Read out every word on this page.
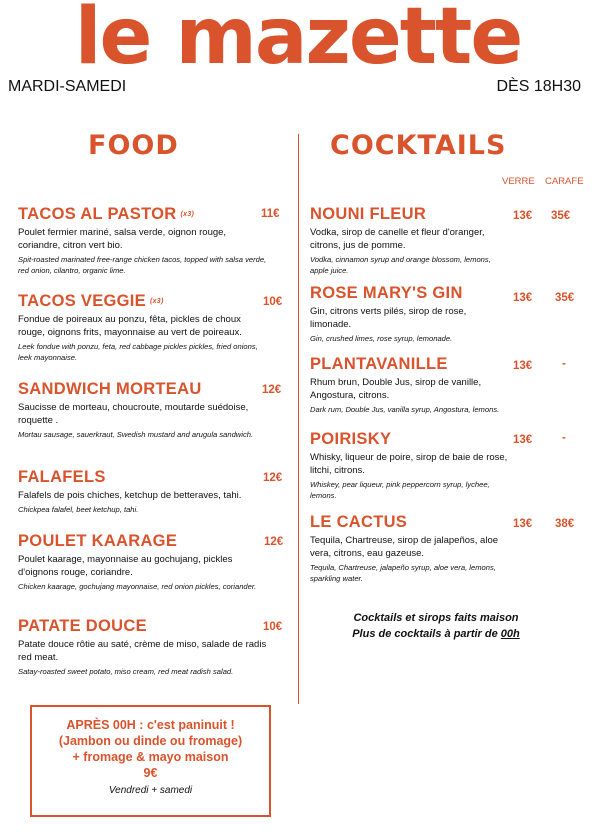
le mazette
MARDI-SAMEDI	DÈS 18H30
FOOD	COCKTAILS
VERRE CARAFE
TACOS AL PASTOR (x3)
Poulet fermier mariné, salsa verde, oignon rouge, coriandre, citron vert bio.
Spit-roasted marinated free-range chicken tacos, topped with salsa verde, red onion, cilantro, organic lime.
11€
TACOS VEGGIE (x3)
Fondue de poireaux au ponzu, fêta, pickles de choux rouge, oignons frits, mayonnaise au vert de poireaux.
Leek fondue with ponzu, feta, red cabbage pickles pickles, fried onions, leek mayonnaise.
10€
SANDWICH MORTEAU
Saucisse de morteau, choucroute, moutarde suédoise, roquette .
Mortau sausage, sauerkraut, Swedish mustard and arugula sandwich.
12€
FALAFELS
Falafels de pois chiches, ketchup de betteraves, tahi.
Chickpea falafel, beet ketchup, tahi.
12€
POULET KAARAGE
Poulet kaarage, mayonnaise au gochujang, pickles d'oignons rouge, coriandre.
Chicken kaarage, gochujang mayonnaise, red onion pickles, coriander.
12€
PATATE DOUCE
Patate douce rôtie au saté, crème de miso, salade de radis red meat.
Satay-roasted sweet potato, miso cream, red meat radish salad.
10€
NOUNI FLEUR
Vodka, sirop de canelle et fleur d'oranger, citrons, jus de pomme.
Vodka, cinnamon syrup and orange blossom, lemons, apple juice.
13€ 35€
ROSE MARY'S GIN
Gin, citrons verts pilés, sirop de rose, limonade.
Gin, crushed limes, rose syrup, lemonade.
13€ 35€
PLANTAVANILLE
Rhum brun, Double Jus, sirop de vanille, Angostura, citrons.
Dark rum, Double Jus, vanilla syrup, Angostura, lemons.
13€	-
POIRISKY
Whisky, liqueur de poire, sirop de baie de rose, litchi, citrons.
Whiskey, pear liqueur, pink peppercorn syrup, lychee, lemons.
13€	-
LE CACTUS
Tequila, Chartreuse, sirop de jalapeños, aloe vera, citrons, eau gazeuse.
Tequila, Chartreuse, jalapeño syrup, aloe vera, lemons, sparkling water.
13€ 38€
Cocktails et sirops faits maison
Plus de cocktails à partir de 00h
APRÈS 00H : c'est paninuit !
(Jambon ou dinde ou fromage)
+ fromage & mayo maison
9€
Vendredi + samedi
